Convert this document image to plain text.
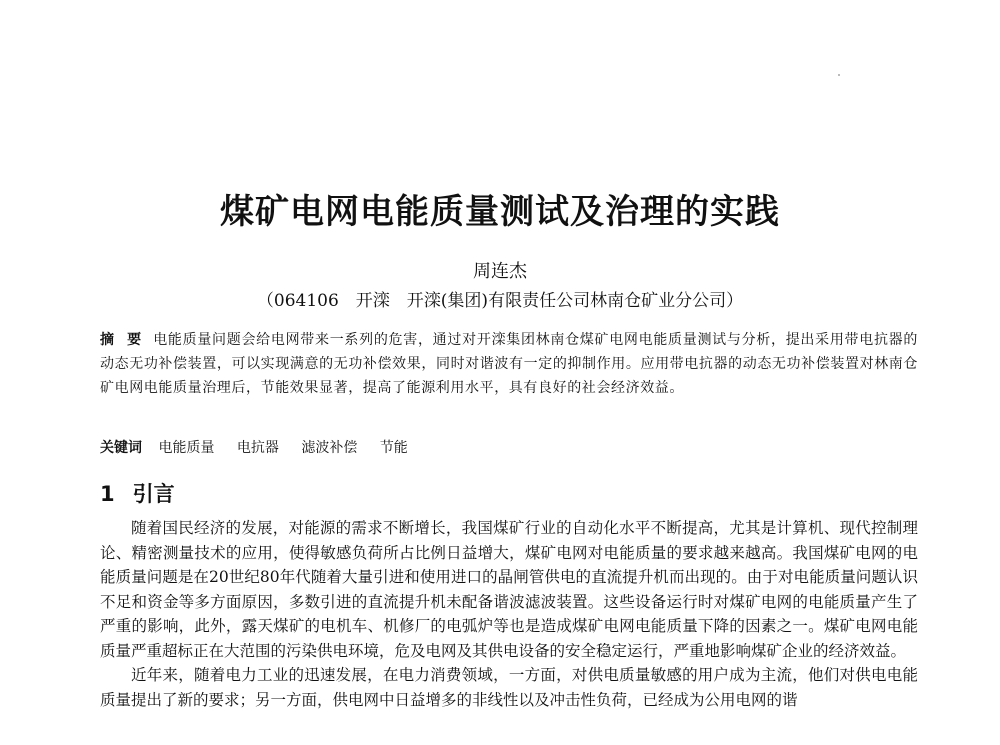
煤矿电网电能质量测试及治理的实践
周连杰
（064106　开滦　开滦(集团)有限责任公司林南仓矿业分公司）
摘 要 电能质量问题会给电网带来一系列的危害，通过对开滦集团林南仓煤矿电网电能质量测试与分析，提出采用带电抗器的动态无功补偿装置，可以实现满意的无功补偿效果，同时对谐波有一定的抑制作用。应用带电抗器的动态无功补偿装置对林南仓矿电网电能质量治理后，节能效果显著，提高了能源利用水平，具有良好的社会经济效益。
关键词 电能质量 电抗器 滤波补偿 节能
1 引言

随着国民经济的发展，对能源的需求不断增长，我国煤矿行业的自动化水平不断提高，尤其是计算机、现代控制理论、精密测量技术的应用，使得敏感负荷所占比例日益增大，煤矿电网对电能质量的要求越来越高。我国煤矿电网的电能质量问题是在20世纪80年代随着大量引进和使用进口的晶闸管供电的直流提升机而出现的。由于对电能质量问题认识不足和资金等多方面原因，多数引进的直流提升机未配备谐波滤波装置。这些设备运行时对煤矿电网的电能质量产生了严重的影响，此外，露天煤矿的电机车、机修厂的电弧炉等也是造成煤矿电网电能质量下降的因素之一。煤矿电网电能质量严重超标正在大范围的污染供电环境，危及电网及其供电设备的安全稳定运行，严重地影响煤矿企业的经济效益。

近年来，随着电力工业的迅速发展，在电力消费领域，一方面，对供电质量敏感的用户成为主流，他们对供电电能质量提出了新的要求；另一方面，供电网中日益增多的非线性以及冲击性负荷，已经成为公用电网的谐
